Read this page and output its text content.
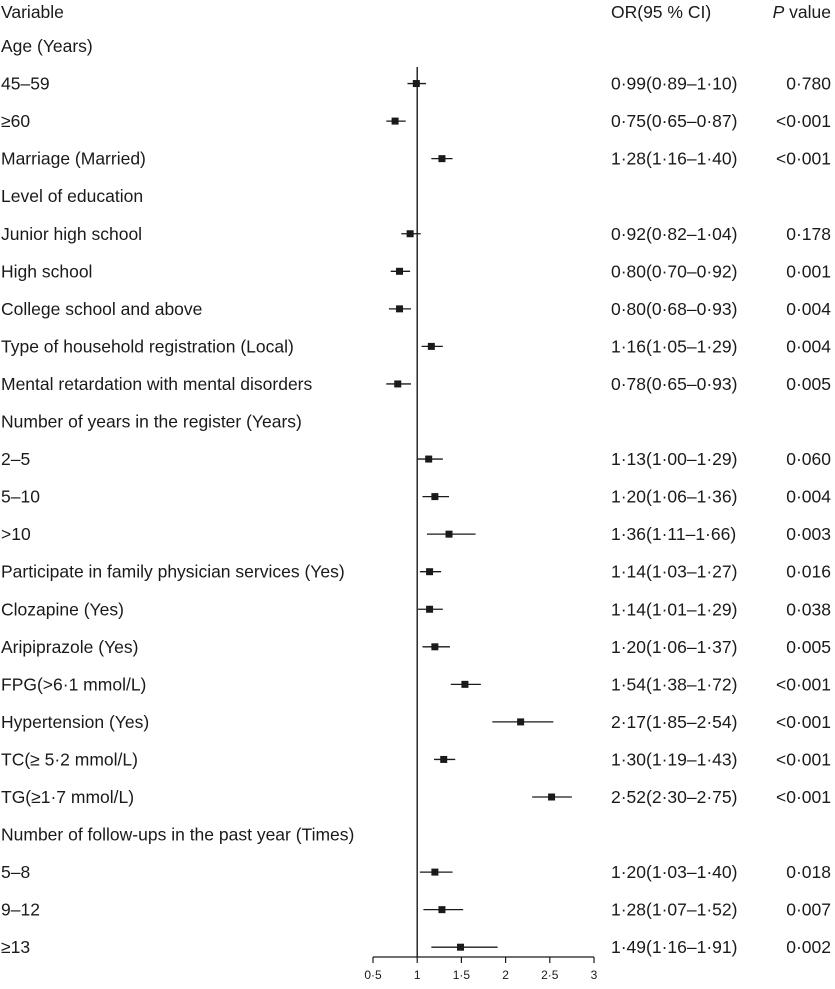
Variable	OR(95 % CI)	P value
Age (Years)
45–59	0·99(0·89–1·10)	0·780
≥60	0·75(0·65–0·87) <0·001
Marriage (Married)	1·28(1·16–1·40) <0·001
Level of education
Junior high school	0·92(0·82–1·04)	0·178
High school	0·80(0·70–0·92)	0·001
College school and above	0·80(0·68–0·93)	0·004
Type of household registration (Local)	1·16(1·05–1·29)	0·004
Mental retardation with mental disorders	0·78(0·65–0·93)	0·005
Number of years in the register (Years)
2–5	1·13(1·00–1·29)	0·060
5–10	1·20(1·06–1·36)	0·004
>10	1·36(1·11–1·66)	0·003
Participate in family physician services (Yes)	1·14(1·03–1·27)	0·016
Clozapine (Yes)	1·14(1·01–1·29)	0·038
Aripiprazole (Yes)	1·20(1·06–1·37)	0·005
FPG(>6·1 mmol/L)	1·54(1·38–1·72) <0·001
Hypertension (Yes)	2·17(1·85–2·54) <0·001
TC(≥ 5·2 mmol/L)	1·30(1·19–1·43) <0·001
TG(≥1·7 mmol/L)	2·52(2·30–2·75) <0·001
Number of follow-ups in the past year (Times)
5–8	1·20(1·03–1·40)	0·018
9–12	1·28(1·07–1·52)	0·007
≥13	1·49(1·16–1·91)	0·002
0·5	1	1·5	2	2·5	3
